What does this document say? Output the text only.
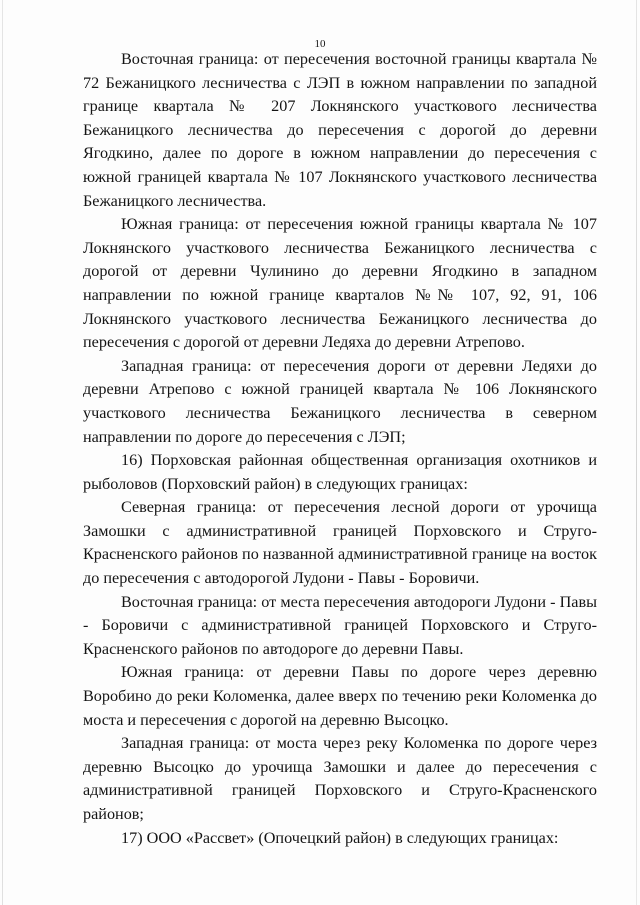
10

Восточная граница: от пересечения восточной границы квартала № 72 Бежаницкого лесничества с ЛЭП в южном направлении по западной границе квартала № 207 Локнянского участкового лесничества Бежаницкого лесничества до пересечения с дорогой до деревни Ягодкино, далее по дороге в южном направлении до пересечения с южной границей квартала № 107 Локнянского участкового лесничества Бежаницкого лесничества.

Южная граница: от пересечения южной границы квартала № 107 Локнянского участкового лесничества Бежаницкого лесничества с дорогой от деревни Чулинино до деревни Ягодкино в западном направлении по южной границе кварталов №№ 107, 92, 91, 106 Локнянского участкового лесничества Бежаницкого лесничества до пересечения с дорогой от деревни Ледяха до деревни Атрепово.

Западная граница: от пересечения дороги от деревни Ледяхи до деревни Атрепово с южной границей квартала № 106 Локнянского участкового лесничества Бежаницкого лесничества в северном направлении по дороге до пересечения с ЛЭП;

16) Порховская районная общественная организация охотников и рыболовов (Порховский район) в следующих границах:

Северная граница: от пересечения лесной дороги от урочища Замошки с административной границей Порховского и Струго-Красненского районов по названной административной границе на восток до пересечения с автодорогой Лудони - Павы - Боровичи.

Восточная граница: от места пересечения автодороги Лудони - Павы - Боровичи с административной границей Порховского и Струго-Красненского районов по автодороге до деревни Павы.

Южная граница: от деревни Павы по дороге через деревню Воробино до реки Коломенка, далее вверх по течению реки Коломенка до моста и пересечения с дорогой на деревню Высоцко.

Западная граница: от моста через реку Коломенка по дороге через деревню Высоцко до урочища Замошки и далее до пересечения с административной границей Порховского и Струго-Красненского районов;

17) ООО «Рассвет» (Опочецкий район) в следующих границах:
